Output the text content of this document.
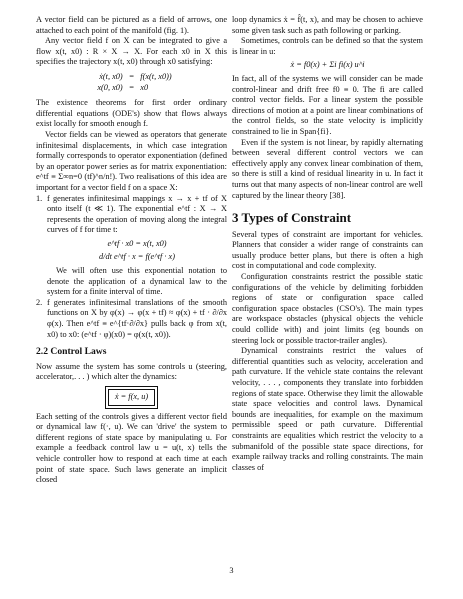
A vector field can be pictured as a field of arrows, one attached to each point of the manifold (fig. 1).

Any vector field f on X can be integrated to give a flow x(t, x0) : R × X → X. For each x0 in X this specifies the trajectory x(t, x0) through x0 satisfying:

ẋ(t, x0) = f(x(t, x0))
x(0, x0) = x0

The existence theorems for first order ordinary differential equations (ODE's) show that flows always exist locally for smooth enough f.

Vector fields can be viewed as operators that generate infinitesimal displacements, in which case integration formally corresponds to operator exponentiation (defined by an operator power series as for matrix exponentiation: e^tf ≡ Σ∞n=0 (tf)^n/n!). Two realisations of this idea are important for a vector field f on a space X:

1. f generates infinitesimal mappings x → x + tf of X onto itself (t ≪ 1). The exponential e^tf : X → X represents the operation of moving along the integral curves of f for time t:

e^tf · x0 = x(t, x0)
d/dt e^tf · x = f(e^tf · x)

We will often use this exponential notation to denote the application of a dynamical law to the system for a finite interval of time.

2. f generates infinitesimal translations of the smooth functions on X by φ(x) → φ(x + tf) ≈ φ(x) + tf · ∂/∂x φ(x). Then e^tf ≡ e^{tf·∂/∂x} pulls back φ from x(t, x0) to x0: (e^tf · φ)(x0) = φ(x(t, x0)).

2.2 Control Laws

Now assume the system has some controls u (steering, accelerator,. . . ) which alter the dynamics:

ẋ = f(x, u)

Each setting of the controls gives a different vector field or dynamical law f(·, u). We can 'drive' the system to different regions of state space by manipulating u. For example a feedback control law u = u(t, x) tells the vehicle controller how to respond at each time at each point of state space. Such laws generate an implicit closed

loop dynamics ẋ = f̂(t, x), and may be chosen to achieve some given task such as path following or parking.

Sometimes, controls can be defined so that the system is linear in u:

ẋ = f0(x) + Σi fi(x) u^i

In fact, all of the systems we will consider can be made control-linear and drift free f0 ≡ 0. The fi are called control vector fields. For a linear system the possible directions of motion at a point are linear combinations of the control fields, so the state velocity is implicitly constrained to lie in Span{fi}.

Even if the system is not linear, by rapidly alternating between several different control vectors we can effectively apply any convex linear combination of them, so there is still a kind of residual linearity in u. In fact it turns out that many aspects of non-linear control are well captured by the linear theory [38].

3 Types of Constraint

Several types of constraint are important for vehicles. Planners that consider a wider range of constraints can usually produce better plans, but there is often a high cost in computational and code complexity.

Configuration constraints restrict the possible static configurations of the vehicle by delimiting forbidden regions of state or configuration space called configuration space obstacles (CSO's). The main types are workspace obstacles (physical objects the vehicle could collide with) and joint limits (eg bounds on steering lock or possible tractor-trailer angles).

Dynamical constraints restrict the values of differential quantities such as velocity, acceleration and path curvature. If the vehicle state contains the relevant velocity, . . . , components they translate into forbidden regions of state space. Otherwise they limit the allowable state space velocities and control laws. Dynamical bounds are inequalities, for example on the maximum permissible speed or path curvature. Differential constraints are equalities which restrict the velocity to a submanifold of the possible state space directions, for example railway tracks and rolling constraints. The main classes of

3
